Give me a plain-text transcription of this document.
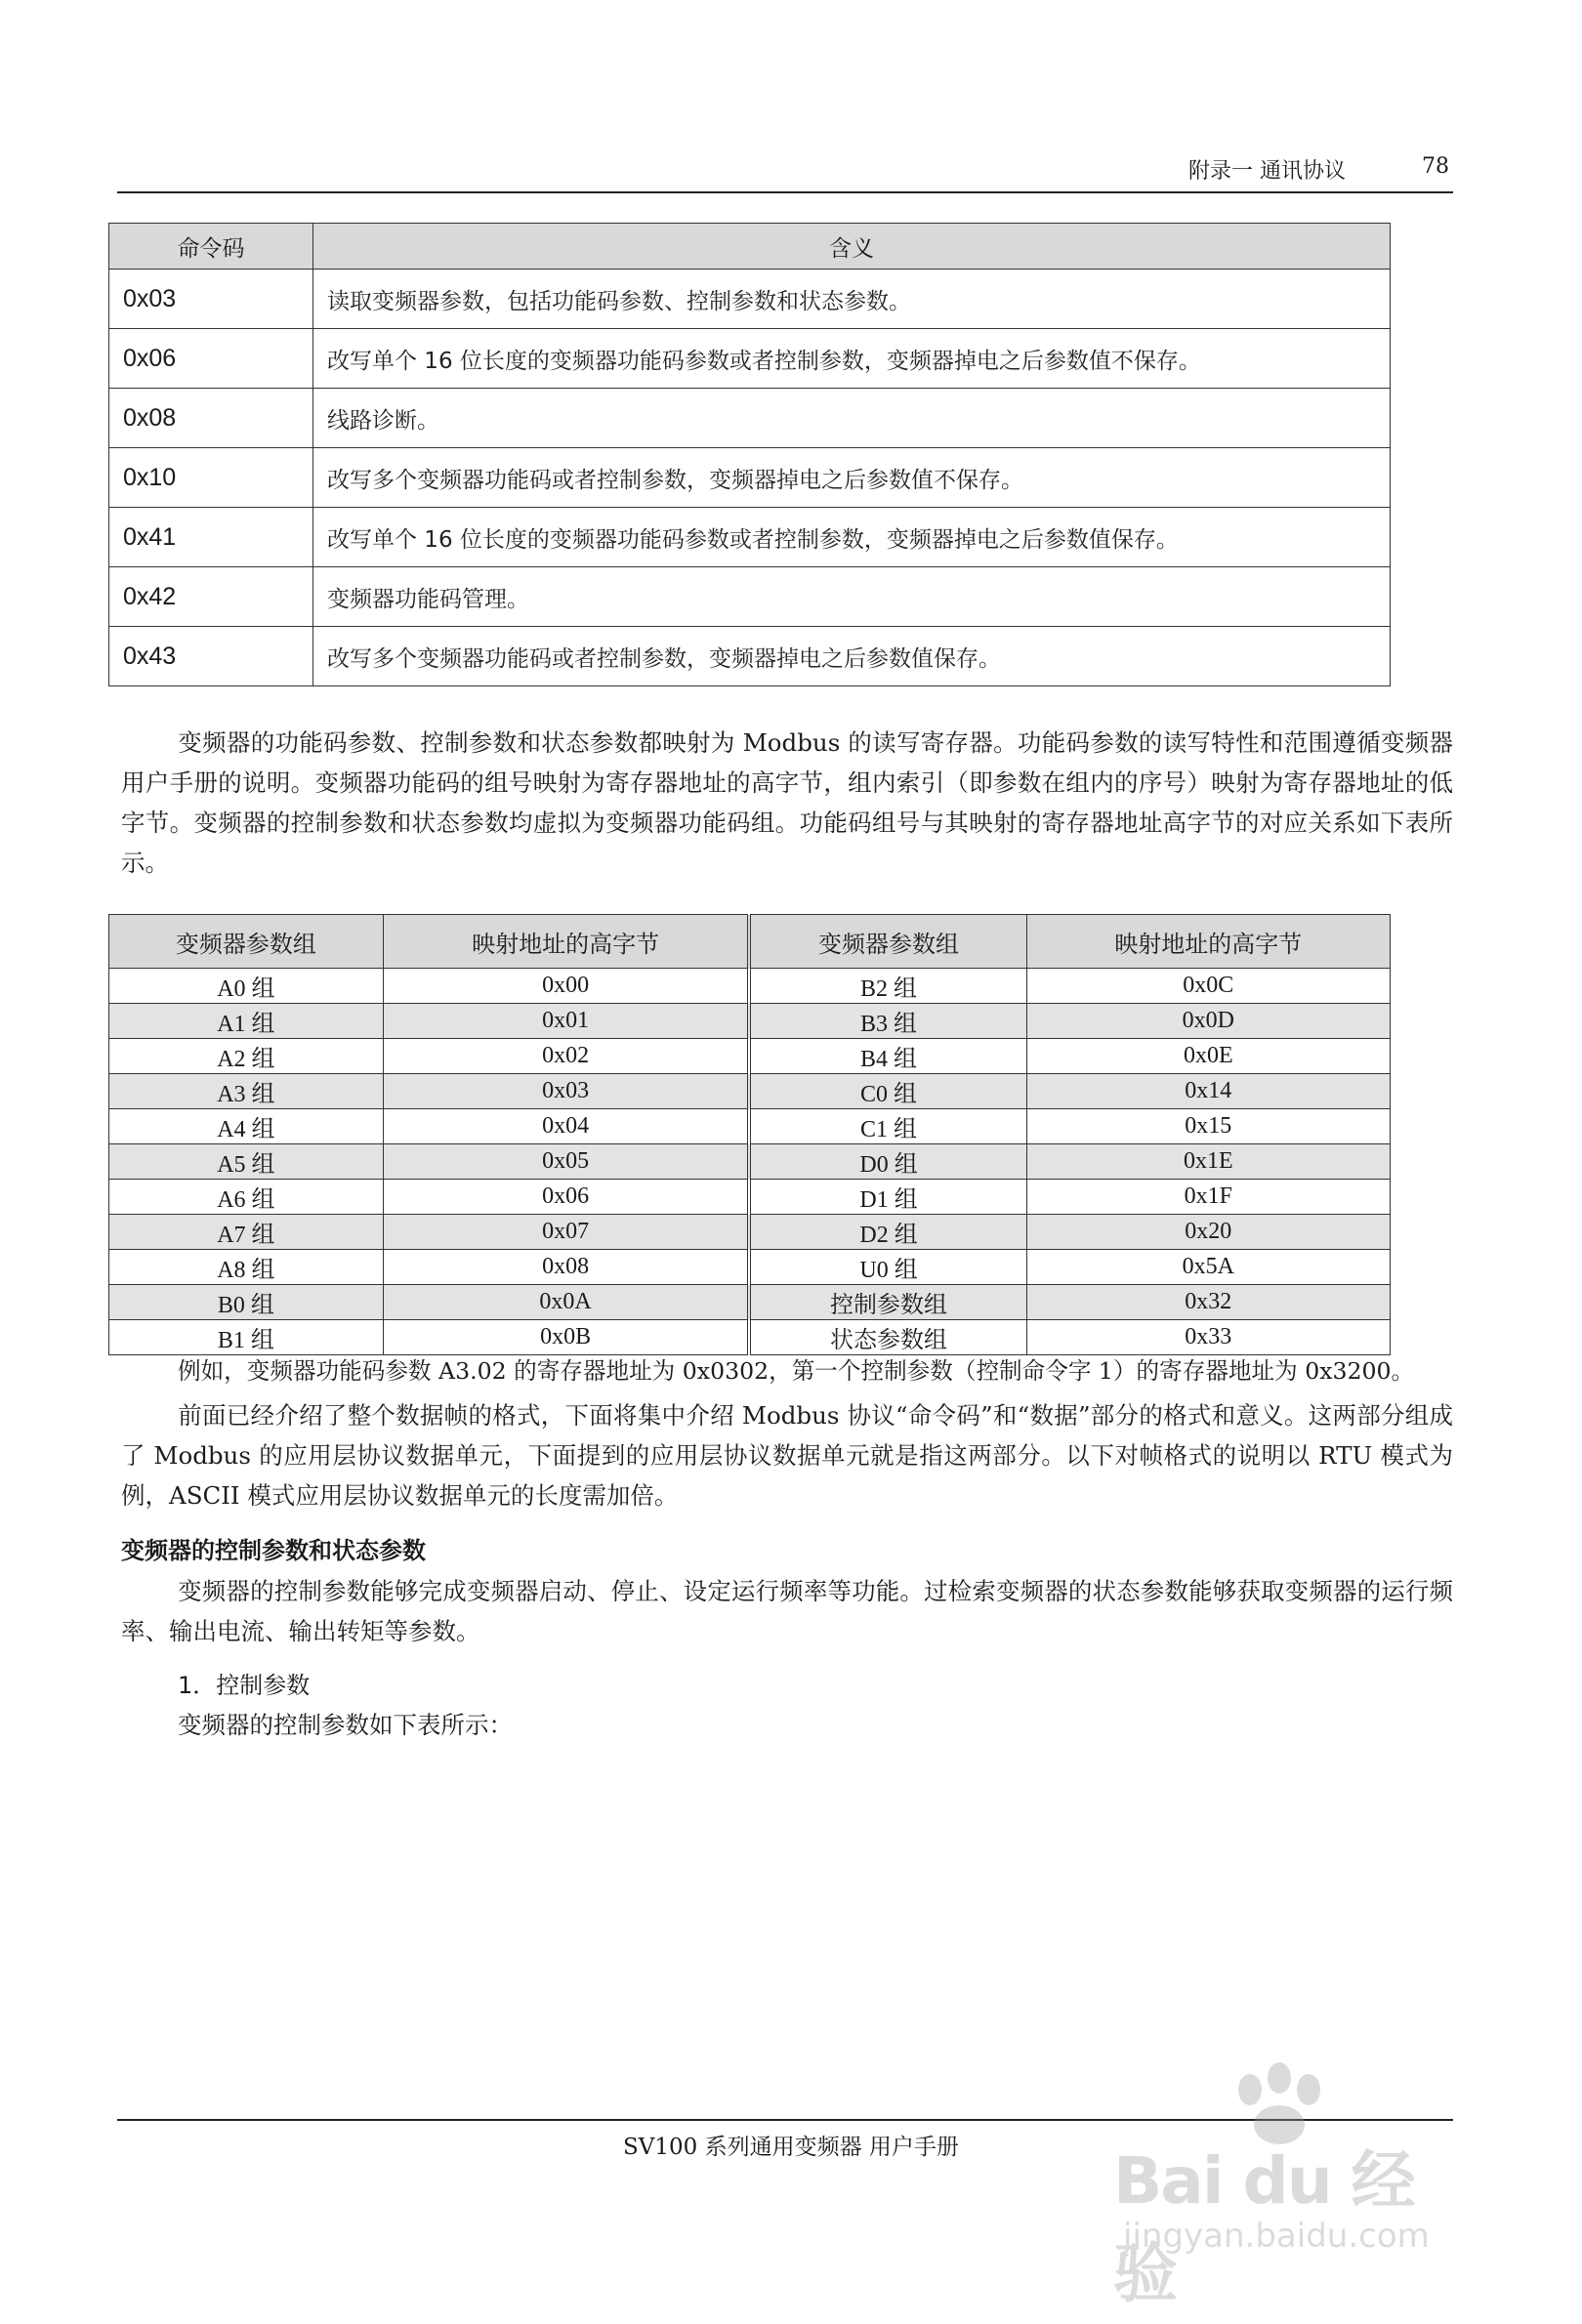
附录一 通讯协议	78
命令码	含义
0x03	读取变频器参数，包括功能码参数、控制参数和状态参数。
0x06	改写单个 16 位长度的变频器功能码参数或者控制参数，变频器掉电之后参数值不保存。
0x08	线路诊断。
0x10	改写多个变频器功能码或者控制参数，变频器掉电之后参数值不保存。
0x41	改写单个 16 位长度的变频器功能码参数或者控制参数，变频器掉电之后参数值保存。
0x42	变频器功能码管理。
0x43	改写多个变频器功能码或者控制参数，变频器掉电之后参数值保存。
变频器的功能码参数、控制参数和状态参数都映射为 Modbus 的读写寄存器。功能码参数的读写特性和范围遵循变频器用户手册的说明。变频器功能码的组号映射为寄存器地址的高字节，组内索引（即参数在组内的序号）映射为寄存器地址的低字节。变频器的控制参数和状态参数均虚拟为变频器功能码组。功能码组号与其映射的寄存器地址高字节的对应关系如下表所示。
变频器参数组	映射地址的高字节	变频器参数组	映射地址的高字节
A0 组	0x00	B2 组	0x0C
A1 组	0x01	B3 组	0x0D
A2 组	0x02	B4 组	0x0E
A3 组	0x03	C0 组	0x14
A4 组	0x04	C1 组	0x15
A5 组	0x05	D0 组	0x1E
A6 组	0x06	D1 组	0x1F
A7 组	0x07	D2 组	0x20
A8 组	0x08	U0 组	0x5A
B0 组	0x0A	控制参数组	0x32
B1 组	0x0B	状态参数组	0x33
例如，变频器功能码参数 A3.02 的寄存器地址为 0x0302，第一个控制参数（控制命令字 1）的寄存器地址为 0x3200。
前面已经介绍了整个数据帧的格式，下面将集中介绍 Modbus 协议“命令码”和“数据”部分的格式和意义。这两部分组成了 Modbus 的应用层协议数据单元，下面提到的应用层协议数据单元就是指这两部分。以下对帧格式的说明以 RTU 模式为例，ASCII 模式应用层协议数据单元的长度需加倍。
变频器的控制参数和状态参数
变频器的控制参数能够完成变频器启动、停止、设定运行频率等功能。过检索变频器的状态参数能够获取变频器的运行频率、输出电流、输出转矩等参数。
1．控制参数
变频器的控制参数如下表所示：
SV100 系列通用变频器 用户手册	Bai du 经验
jingyan.baidu.com
